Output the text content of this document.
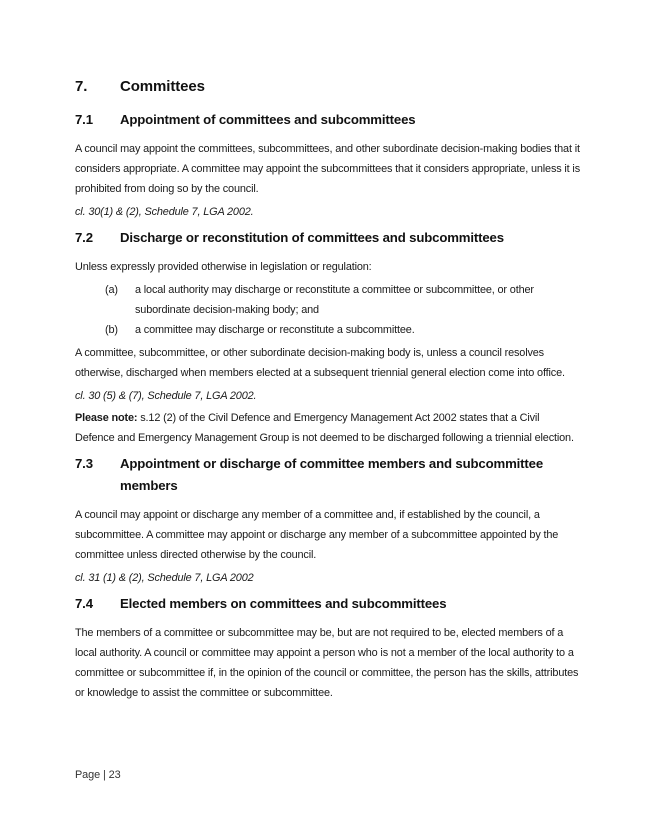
7.	Committees
7.1	Appointment of committees and subcommittees

A council may appoint the committees, subcommittees, and other subordinate decision-making bodies that it considers appropriate. A committee may appoint the subcommittees that it considers appropriate, unless it is prohibited from doing so by the council.

cl. 30(1) & (2), Schedule 7, LGA 2002.

7.2	Discharge or reconstitution of committees and subcommittees

Unless expressly provided otherwise in legislation or regulation:

(a)	a local authority may discharge or reconstitute a committee or subcommittee, or other subordinate decision-making body; and
(b)	a committee may discharge or reconstitute a subcommittee.

A committee, subcommittee, or other subordinate decision-making body is, unless a council resolves otherwise, discharged when members elected at a subsequent triennial general election come into office.

cl. 30 (5) & (7), Schedule 7, LGA 2002.

Please note: s.12 (2) of the Civil Defence and Emergency Management Act 2002 states that a Civil Defence and Emergency Management Group is not deemed to be discharged following a triennial election.

7.3	Appointment or discharge of committee members and subcommittee members

A council may appoint or discharge any member of a committee and, if established by the council, a subcommittee. A committee may appoint or discharge any member of a subcommittee appointed by the committee unless directed otherwise by the council.

cl. 31 (1) & (2), Schedule 7, LGA 2002

7.4	Elected members on committees and subcommittees

The members of a committee or subcommittee may be, but are not required to be, elected members of a local authority. A council or committee may appoint a person who is not a member of the local authority to a committee or subcommittee if, in the opinion of the council or committee, the person has the skills, attributes or knowledge to assist the committee or subcommittee.

Page | 23
